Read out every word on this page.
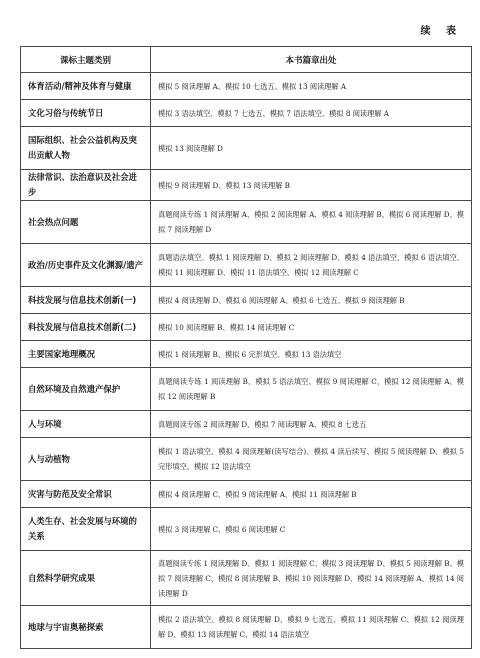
续 表
课标主题类别	本书篇章出处
体育活动/精神及体育与健康	模拟 5 阅读理解 A、模拟 10 七选五、模拟 13 阅读理解 A
文化习俗与传统节日	模拟 3 语法填空、模拟 7 七选五、模拟 7 语法填空、模拟 8 阅读理解 A
国际组织、社会公益机构及突出贡献人物	模拟 13 阅读理解 D
法律常识、法治意识及社会进步	模拟 9 阅读理解 D、模拟 13 阅读理解 B
社会热点问题	真题阅读专练 1 阅读理解 A、模拟 2 阅读理解 A、模拟 4 阅读理解 B、模拟 6 阅读理解 D、模拟 7 阅读理解 D
政治/历史事件及文化渊源/遗产	真题语法填空、模拟 1 阅读理解 D、模拟 2 阅读理解 D、模拟 4 语法填空、模拟 6 语法填空、模拟 11 阅读理解 D、模拟 11 语法填空、模拟 12 阅读理解 C
科技发展与信息技术创新(一)	模拟 4 阅读理解 D、模拟 6 阅读理解 A、模拟 6 七选五、模拟 9 阅读理解 B
科技发展与信息技术创新(二)	模拟 10 阅读理解 B、模拟 14 阅读理解 C
主要国家地理概况	模拟 1 阅读理解 B、模拟 6 完形填空、模拟 13 语法填空
自然环境及自然遗产保护	真题阅读专练 1 阅读理解 B、模拟 5 语法填空、模拟 9 阅读理解 C、模拟 12 阅读理解 A、模拟 12 阅读理解 B
人与环境	真题阅读专练 2 阅读理解 D、模拟 7 阅读理解 A、模拟 8 七选五
人与动植物	模拟 1 语法填空、模拟 4 阅读理解(读写结合)、模拟 4 读后续写、模拟 5 阅读理解 D、模拟 5 完形填空、模拟 12 语法填空
灾害与防范及安全常识	模拟 4 阅读理解 C、模拟 9 阅读理解 A、模拟 11 阅读理解 B
人类生存、社会发展与环境的关系	模拟 3 阅读理解 C、模拟 6 阅读理解 C
自然科学研究成果	真题阅读专练 1 阅读理解 D、模拟 1 阅读理解 C、模拟 3 阅读理解 D、模拟 5 阅读理解 B、模拟 7 阅读理解 C、模拟 8 阅读理解 B、模拟 10 阅读理解 D、模拟 14 阅读理解 A、模拟 14 阅读理解 D
地球与宇宙奥秘探索	模拟 2 语法填空、模拟 8 阅读理解 D、模拟 9 七选五、模拟 11 阅读理解 C、模拟 12 阅读理解 D、模拟 13 阅读理解 C、模拟 14 语法填空
